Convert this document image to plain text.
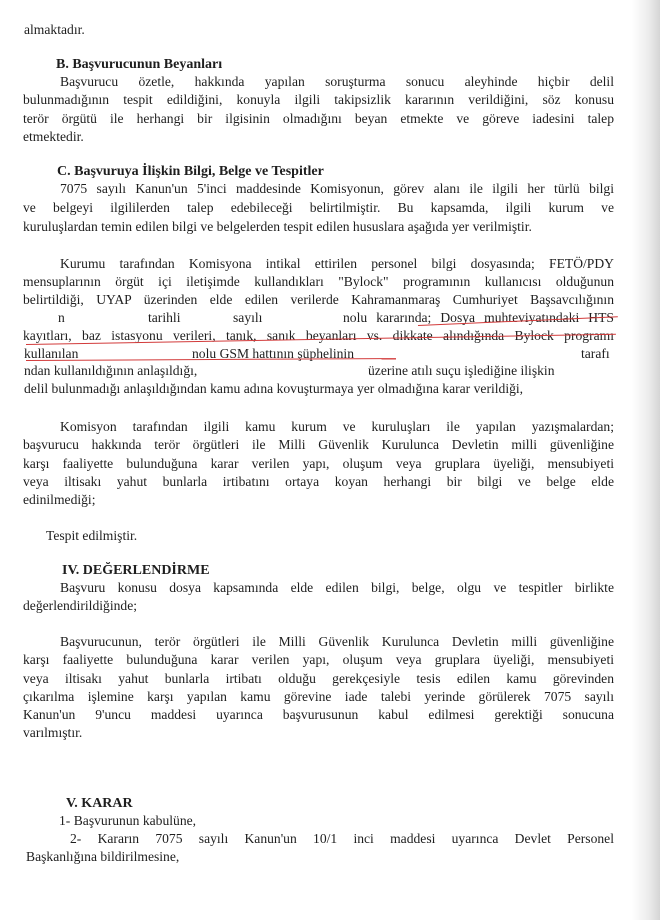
almaktadır.

B. Başvurucunun Beyanları

Başvurucu özetle, hakkında yapılan soruşturma sonucu aleyhinde hiçbir delil

bulunmadığının tespit edildiğini, konuyla ilgili takipsizlik kararının verildiğini, söz konusu

terör örgütü ile herhangi bir ilgisinin olmadığını beyan etmekte ve göreve iadesini talep

etmektedir.

C. Başvuruya İlişkin Bilgi, Belge ve Tespitler

7075 sayılı Kanun'un 5'inci maddesinde Komisyonun, görev alanı ile ilgili her türlü bilgi

ve belgeyi ilgililerden talep edebileceği belirtilmiştir. Bu kapsamda, ilgili kurum ve

kuruluşlardan temin edilen bilgi ve belgelerden tespit edilen hususlara aşağıda yer verilmiştir.

Kurumu tarafından Komisyona intikal ettirilen personel bilgi dosyasında; FETÖ/PDY

mensuplarının örgüt içi iletişimde kullandıkları "Bylock" programının kullanıcısı olduğunun

belirtildiği, UYAP üzerinden elde edilen verilerde Kahramanmaraş Cumhuriyet Başsavcılığının

n	tarihli	sayılı	nolu kararında; Dosya muhteviyatındaki HTS

kayıtları, baz istasyonu verileri, tanık, sanık beyanları vs. dikkate alındığında Bylock programı

kullanılan	nolu GSM hattının şüphelinin	tarafı

ndan kullanıldığının anlaşıldığı,	üzerine atılı suçu işlediğine ilişkin

delil bulunmadığı anlaşıldığından kamu adına kovuşturmaya yer olmadığına karar verildiği,

Komisyon tarafından ilgili kamu kurum ve kuruluşları ile yapılan yazışmalardan;

başvurucu hakkında terör örgütleri ile Milli Güvenlik Kurulunca Devletin milli güvenliğine

karşı faaliyette bulunduğuna karar verilen yapı, oluşum veya gruplara üyeliği, mensubiyeti

veya iltisakı yahut bunlarla irtibatını ortaya koyan herhangi bir bilgi ve belge elde

edinilmediği;

Tespit edilmiştir.

IV. DEĞERLENDİRME

Başvuru konusu dosya kapsamında elde edilen bilgi, belge, olgu ve tespitler birlikte

değerlendirildiğinde;

Başvurucunun, terör örgütleri ile Milli Güvenlik Kurulunca Devletin milli güvenliğine

karşı faaliyette bulunduğuna karar verilen yapı, oluşum veya gruplara üyeliği, mensubiyeti

veya iltisakı yahut bunlarla irtibatı olduğu gerekçesiyle tesis edilen kamu görevinden

çıkarılma işlemine karşı yapılan kamu görevine iade talebi yerinde görülerek 7075 sayılı

Kanun'un 9'uncu maddesi uyarınca başvurusunun kabul edilmesi gerektiği sonucuna

varılmıştır.

V. KARAR

1- Başvurunun kabulüne,

2- Kararın 7075 sayılı Kanun'un 10/1 inci maddesi uyarınca Devlet Personel

Başkanlığına bildirilmesine,
